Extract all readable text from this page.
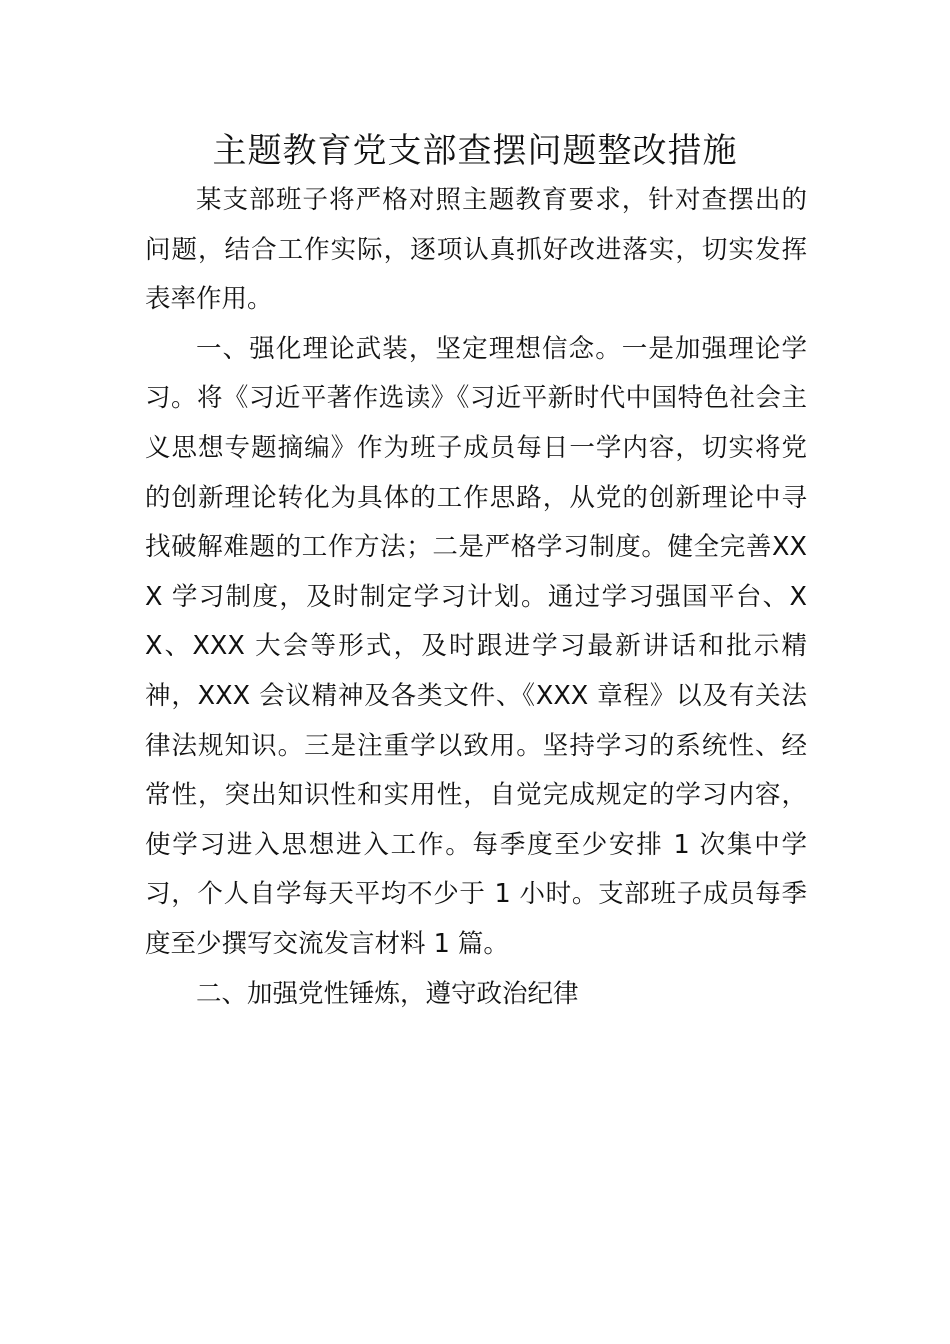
主题教育党支部查摆问题整改措施

某支部班子将严格对照主题教育要求，针对查摆出的问题，结合工作实际，逐项认真抓好改进落实，切实发挥表率作用。

一、强化理论武装，坚定理想信念。一是加强理论学习。将《习近平著作选读》《习近平新时代中国特色社会主义思想专题摘编》作为班子成员每日一学内容，切实将党的创新理论转化为具体的工作思路，从党的创新理论中寻找破解难题的工作方法；二是严格学习制度。健全完善XXX 学习制度，及时制定学习计划。通过学习强国平台、XX、XXX 大会等形式，及时跟进学习最新讲话和批示精神，XXX 会议精神及各类文件、《XXX 章程》以及有关法律法规知识。三是注重学以致用。坚持学习的系统性、经常性，突出知识性和实用性，自觉完成规定的学习内容，使学习进入思想进入工作。每季度至少安排 1 次集中学习，个人自学每天平均不少于 1 小时。支部班子成员每季度至少撰写交流发言材料 1 篇。

二、加强党性锤炼，遵守政治纪律
